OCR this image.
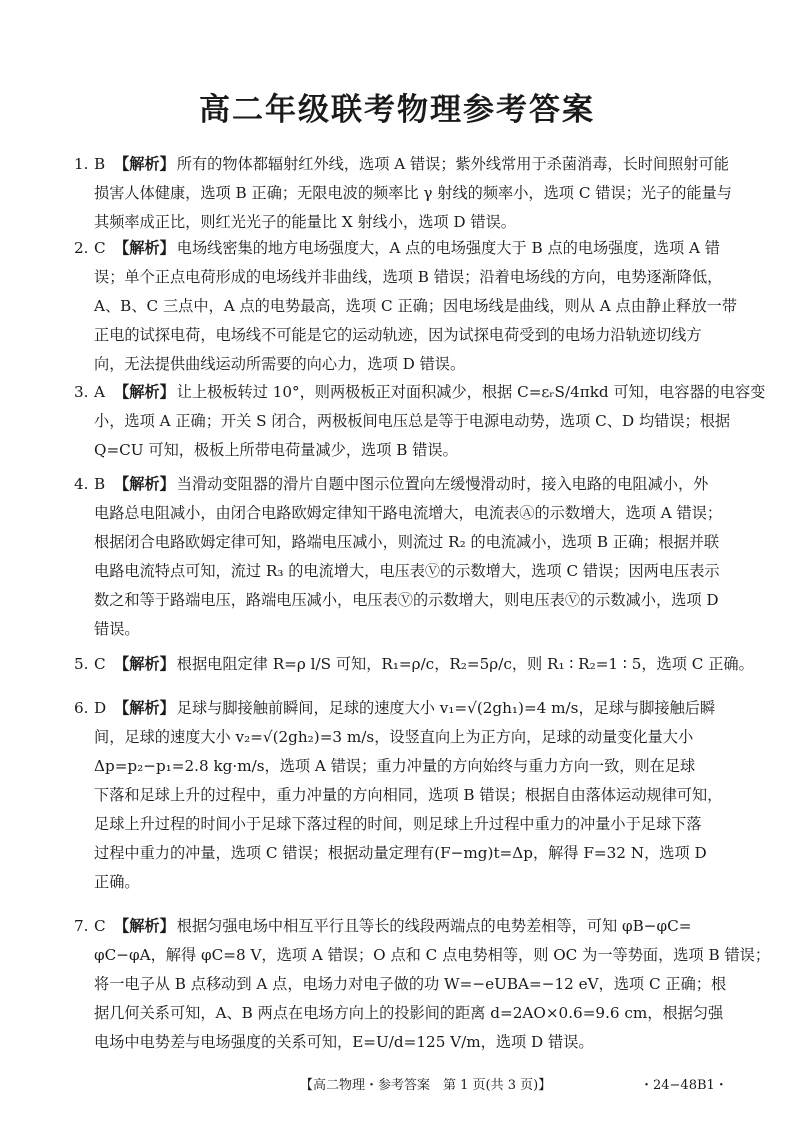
高二年级联考物理参考答案
1. B 【解析】 所有的物体都辐射红外线，选项 A 错误；紫外线常用于杀菌消毒，长时间照射可能
损害人体健康，选项 B 正确；无限电波的频率比 γ 射线的频率小，选项 C 错误；光子的能量与
其频率成正比，则红光光子的能量比 X 射线小，选项 D 错误。
2. C 【解析】 电场线密集的地方电场强度大，A 点的电场强度大于 B 点的电场强度，选项 A 错
误；单个正点电荷形成的电场线并非曲线，选项 B 错误；沿着电场线的方向，电势逐渐降低，
A、B、C 三点中，A 点的电势最高，选项 C 正确；因电场线是曲线，则从 A 点由静止释放一带
正电的试探电荷，电场线不可能是它的运动轨迹，因为试探电荷受到的电场力沿轨迹切线方
向，无法提供曲线运动所需要的向心力，选项 D 错误。
3. A 【解析】 让上极板转过 10°，则两极板正对面积减少，根据 C=εᵣS/4πkd 可知，电容器的电容变
小，选项 A 正确；开关 S 闭合，两极板间电压总是等于电源电动势，选项 C、D 均错误；根据
Q=CU 可知，极板上所带电荷量减少，选项 B 错误。
4. B 【解析】 当滑动变阻器的滑片自题中图示位置向左缓慢滑动时，接入电路的电阻减小，外
电路总电阻减小，由闭合电路欧姆定律知干路电流增大，电流表Ⓐ的示数增大，选项 A 错误；
根据闭合电路欧姆定律可知，路端电压减小，则流过 R₂ 的电流减小，选项 B 正确；根据并联
电路电流特点可知，流过 R₃ 的电流增大，电压表Ⓥ的示数增大，选项 C 错误；因两电压表示
数之和等于路端电压，路端电压减小，电压表Ⓥ的示数增大，则电压表Ⓥ的示数减小，选项 D
错误。
5. C 【解析】 根据电阻定律 R=ρ l/S 可知，R₁=ρ/c，R₂=5ρ/c，则 R₁ ∶ R₂=1 ∶ 5，选项 C 正确。
6. D 【解析】 足球与脚接触前瞬间，足球的速度大小 v₁=√(2gh₁)=4 m/s，足球与脚接触后瞬
间，足球的速度大小 v₂=√(2gh₂)=3 m/s，设竖直向上为正方向，足球的动量变化量大小
Δp=p₂−p₁=2.8 kg·m/s，选项 A 错误；重力冲量的方向始终与重力方向一致，则在足球
下落和足球上升的过程中，重力冲量的方向相同，选项 B 错误；根据自由落体运动规律可知，
足球上升过程的时间小于足球下落过程的时间，则足球上升过程中重力的冲量小于足球下落
过程中重力的冲量，选项 C 错误；根据动量定理有(F−mg)t=Δp，解得 F=32 N，选项 D
正确。
7. C 【解析】 根据匀强电场中相互平行且等长的线段两端点的电势差相等，可知 φB−φC=
φC−φA，解得 φC=8 V，选项 A 错误；O 点和 C 点电势相等，则 OC 为一等势面，选项 B 错误；
将一电子从 B 点移动到 A 点，电场力对电子做的功 W=−eUBA=−12 eV，选项 C 正确；根
据几何关系可知，A、B 两点在电场方向上的投影间的距离 d=2AO×0.6=9.6 cm，根据匀强
电场中电势差与电场强度的关系可知，E=U/d=125 V/m，选项 D 错误。
【高二物理・参考答案　第 1 页(共 3 页)】	・24−48B1・
